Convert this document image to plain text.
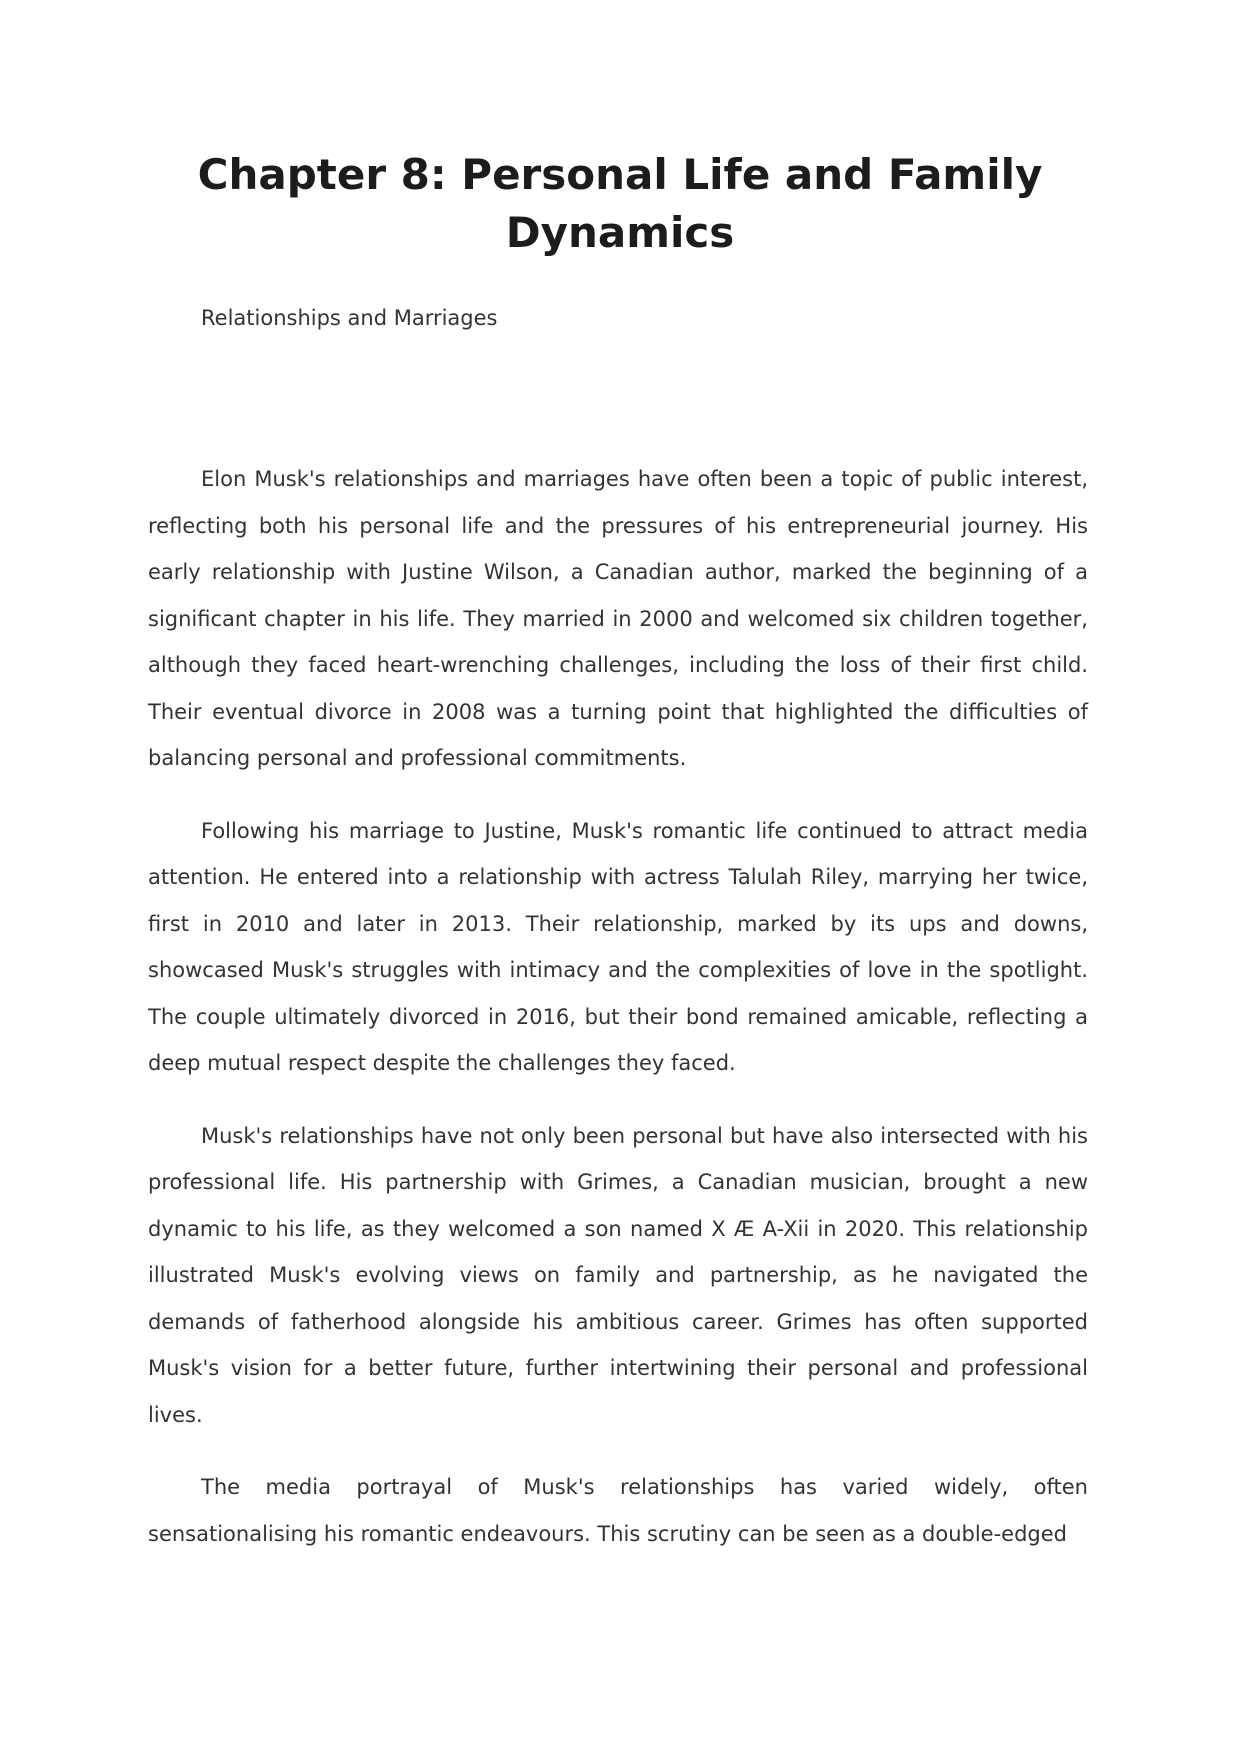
Chapter 8: Personal Life and Family Dynamics
Relationships and Marriages

Elon Musk's relationships and marriages have often been a topic of public interest, reflecting both his personal life and the pressures of his entrepreneurial journey. His early relationship with Justine Wilson, a Canadian author, marked the beginning of a significant chapter in his life. They married in 2000 and welcomed six children together, although they faced heart-wrenching challenges, including the loss of their first child. Their eventual divorce in 2008 was a turning point that highlighted the difficulties of balancing personal and professional commitments.

Following his marriage to Justine, Musk's romantic life continued to attract media attention. He entered into a relationship with actress Talulah Riley, marrying her twice, first in 2010 and later in 2013. Their relationship, marked by its ups and downs, showcased Musk's struggles with intimacy and the complexities of love in the spotlight. The couple ultimately divorced in 2016, but their bond remained amicable, reflecting a deep mutual respect despite the challenges they faced.

Musk's relationships have not only been personal but have also intersected with his professional life. His partnership with Grimes, a Canadian musician, brought a new dynamic to his life, as they welcomed a son named X Æ A-Xii in 2020. This relationship illustrated Musk's evolving views on family and partnership, as he navigated the demands of fatherhood alongside his ambitious career. Grimes has often supported Musk's vision for a better future, further intertwining their personal and professional lives.

The media portrayal of Musk's relationships has varied widely, often sensationalising his romantic endeavours. This scrutiny can be seen as a double-edged
